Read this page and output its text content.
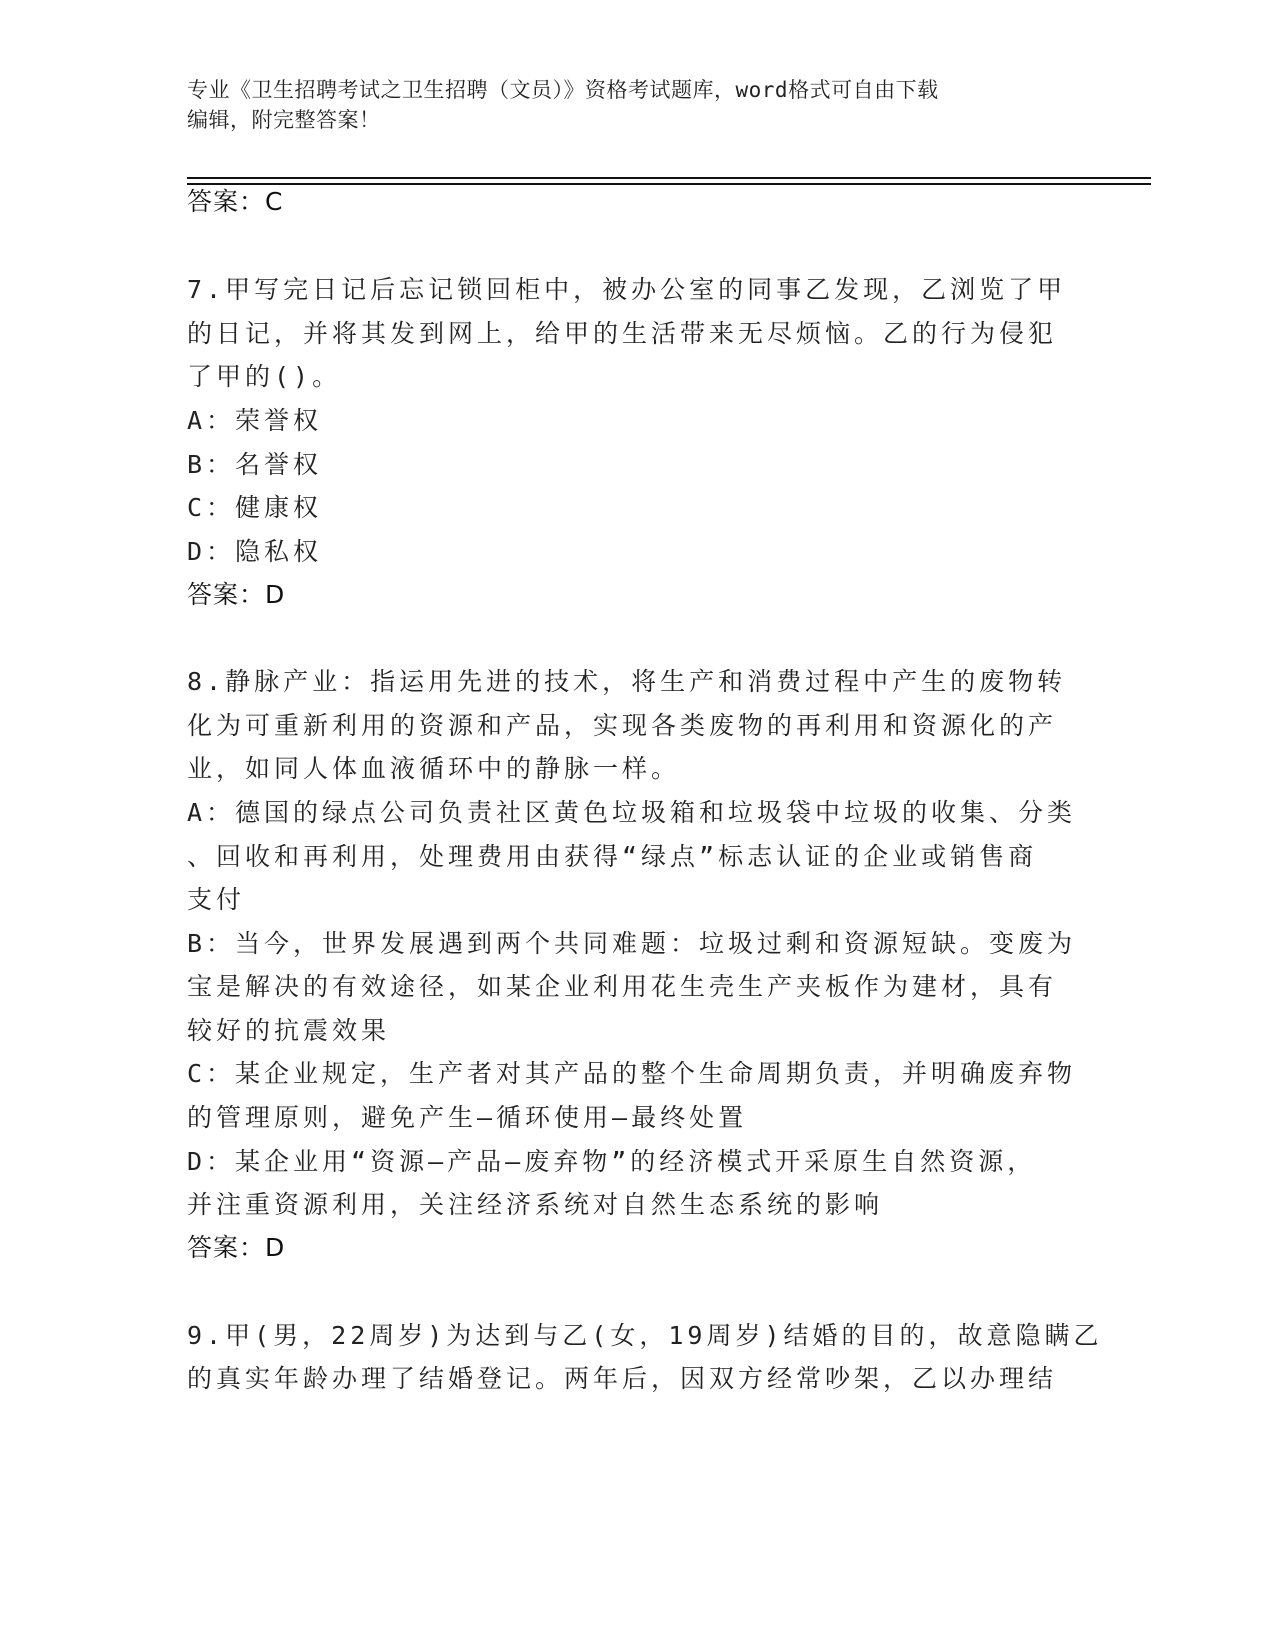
专业《卫生招聘考试之卫生招聘（文员）》资格考试题库，word格式可自由下载
编辑，附完整答案！
答案：C
7.甲写完日记后忘记锁回柜中，被办公室的同事乙发现，乙浏览了甲
的日记，并将其发到网上，给甲的生活带来无尽烦恼。乙的行为侵犯
了甲的()。
A：荣誉权
B：名誉权
C：健康权
D：隐私权
答案：D
8.静脉产业：指运用先进的技术，将生产和消费过程中产生的废物转
化为可重新利用的资源和产品，实现各类废物的再利用和资源化的产
业，如同人体血液循环中的静脉一样。
A：德国的绿点公司负责社区黄色垃圾箱和垃圾袋中垃圾的收集、分类
、回收和再利用，处理费用由获得“绿点”标志认证的企业或销售商
支付
B：当今，世界发展遇到两个共同难题：垃圾过剩和资源短缺。变废为
宝是解决的有效途径，如某企业利用花生壳生产夹板作为建材，具有
较好的抗震效果
C：某企业规定，生产者对其产品的整个生命周期负责，并明确废弃物
的管理原则，避免产生—循环使用—最终处置
D：某企业用“资源—产品—废弃物”的经济模式开采原生自然资源，
并注重资源利用，关注经济系统对自然生态系统的影响
答案：D
9.甲(男，22周岁)为达到与乙(女，19周岁)结婚的目的，故意隐瞒乙
的真实年龄办理了结婚登记。两年后，因双方经常吵架，乙以办理结
